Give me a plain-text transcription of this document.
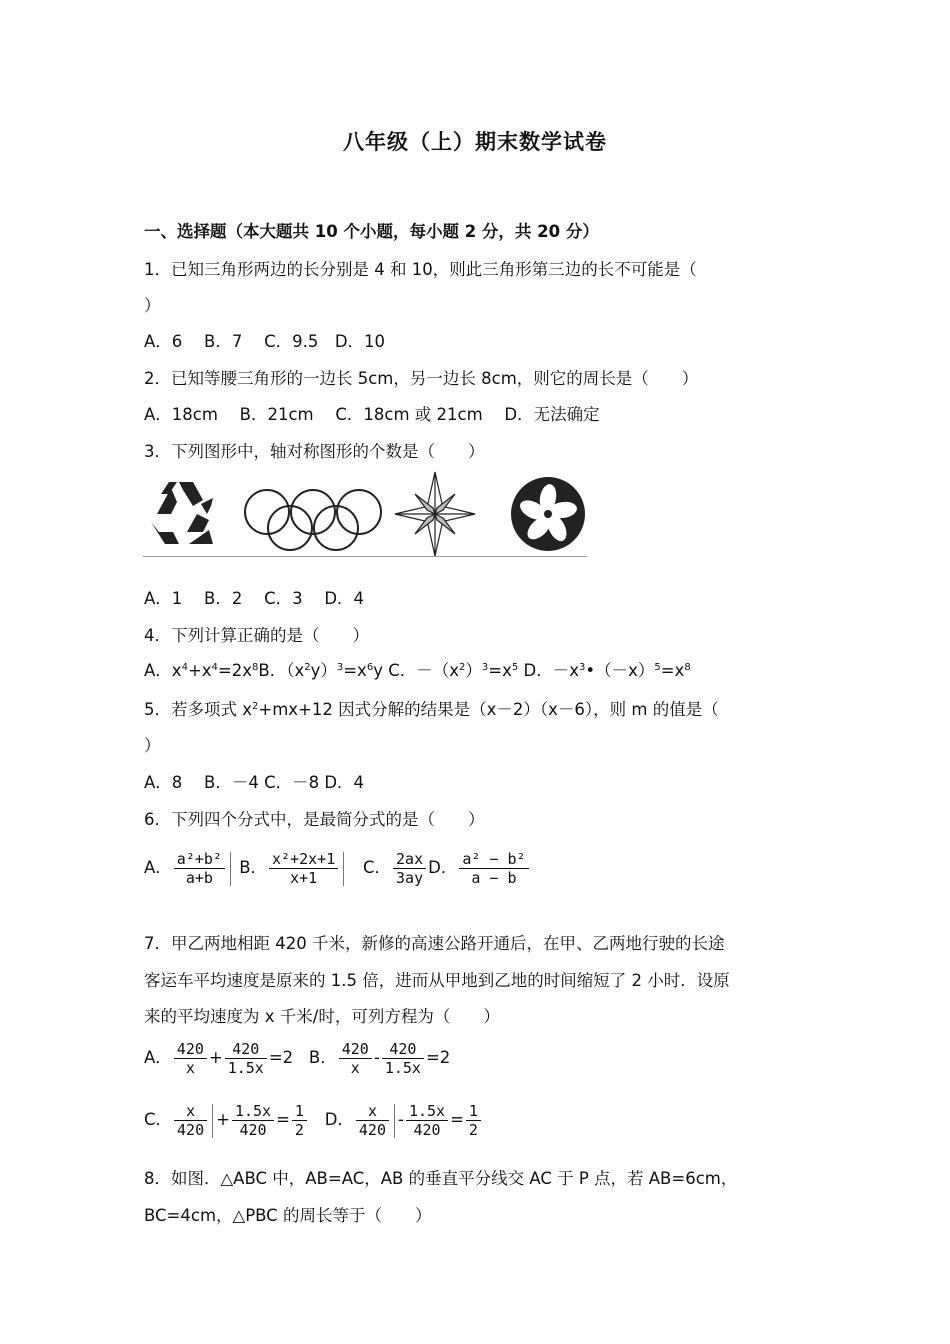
八年级（上）期末数学试卷
一、选择题（本大题共 10 个小题，每小题 2 分，共 20 分）
1．已知三角形两边的长分别是 4 和 10，则此三角形第三边的长不可能是（
）
A．6　 B．7　 C．9.5　D．10
2．已知等腰三角形的一边长 5cm，另一边长 8cm，则它的周长是（　　）
A．18cm　 B．21cm　 C．18cm 或 21cm　 D．无法确定
3．下列图形中，轴对称图形的个数是（　　）
A．1　 B．2　 C．3　 D．4
4．下列计算正确的是（　　）
A．$x^4+x^4=2x^8B$．$(x^2y)^3=x^6y$ C．$-(x^2)^3=x^5$ D．$-x^3•(-x)^5=x^8$
5．若多项式 $x^2+mx+12$ 因式分解的结果是（x－2）（x－6），则 m 的值是（
）
A．8　 B．－4 C．－8 D．4
6．下列四个分式中，是最简分式的是（　　）
A． $\frac{\text{a²+b²}}{a+b}$ B． $\frac{\text{x²+2x+1}}{x+1}$ C． $\frac{2ax}{3ay}$ D． $\frac{\text{a² − b²}}{a - b}$
7．甲乙两地相距 420 千米，新修的高速公路开通后，在甲、乙两地行驶的长途
客运车平均速度是原来的 1.5 倍，进而从甲地到乙地的时间缩短了 2 小时．设原
来的平均速度为 x 千米/时，可列方程为（　　）
A． $\frac{420}{x} + \frac{420}{1.5x} =2$ B． $\frac{420}{x} - \frac{420}{1.5x} =2$
C． $\frac{x}{420} + \frac{1.5x}{420} = \frac{1}{2}$ D． $\frac{x}{420} - \frac{1.5x}{420} = \frac{1}{2}$
8．如图．△ABC 中，AB=AC，AB 的垂直平分线交 AC 于 P 点，若 AB=6cm，
BC=4cm，△PBC 的周长等于（　　）
